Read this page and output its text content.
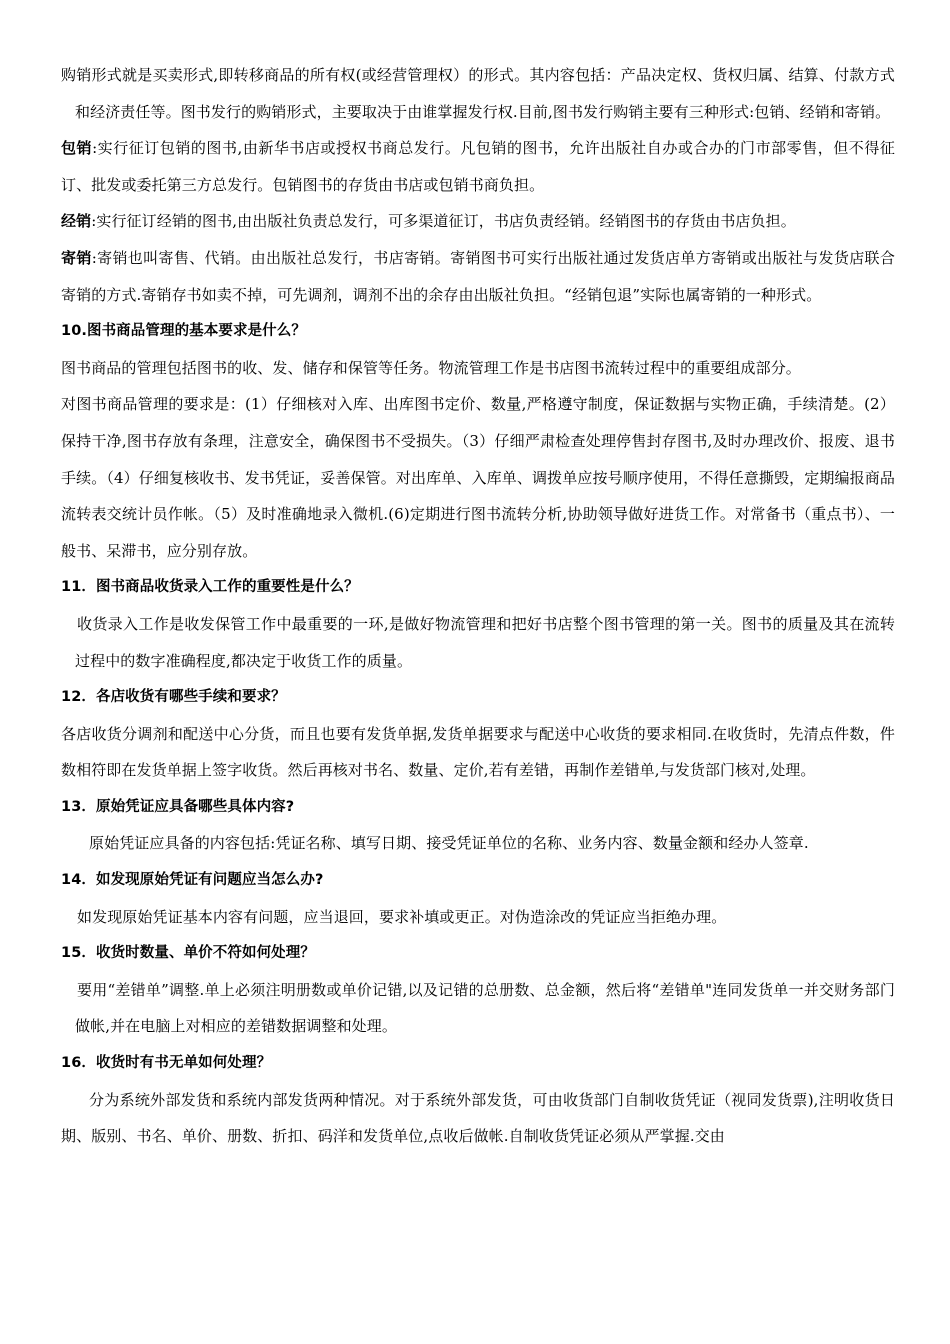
购销形式就是买卖形式,即转移商品的所有权(或经营管理权）的形式。其内容包括：产品决定权、货权归属、结算、付款方式和经济责任等。图书发行的购销形式，主要取决于由谁掌握发行权.目前,图书发行购销主要有三种形式:包销、经销和寄销。

包销:实行征订包销的图书,由新华书店或授权书商总发行。凡包销的图书，允许出版社自办或合办的门市部零售，但不得征订、批发或委托第三方总发行。包销图书的存货由书店或包销书商负担。

经销:实行征订经销的图书,由出版社负责总发行，可多渠道征订，书店负责经销。经销图书的存货由书店负担。

寄销:寄销也叫寄售、代销。由出版社总发行，书店寄销。寄销图书可实行出版社通过发货店单方寄销或出版社与发货店联合寄销的方式.寄销存书如卖不掉，可先调剂，调剂不出的余存由出版社负担。“经销包退”实际也属寄销的一种形式。

10.图书商品管理的基本要求是什么？

图书商品的管理包括图书的收、发、储存和保管等任务。物流管理工作是书店图书流转过程中的重要组成部分。

对图书商品管理的要求是：(1）仔细核对入库、出库图书定价、数量,严格遵守制度，保证数据与实物正确，手续清楚。(2）保持干净,图书存放有条理，注意安全，确保图书不受损失。（3）仔细严肃检查处理停售封存图书,及时办理改价、报废、退书手续。（4）仔细复核收书、发书凭证，妥善保管。对出库单、入库单、调拨单应按号顺序使用，不得任意撕毁，定期编报商品流转表交统计员作帐。（5）及时准确地录入微机.(6)定期进行图书流转分析,协助领导做好进货工作。对常备书（重点书）、一般书、呆滞书，应分别存放。

11．图书商品收货录入工作的重要性是什么？

收货录入工作是收发保管工作中最重要的一环,是做好物流管理和把好书店整个图书管理的第一关。图书的质量及其在流转过程中的数字准确程度,都决定于收货工作的质量。

12．各店收货有哪些手续和要求？

各店收货分调剂和配送中心分货，而且也要有发货单据,发货单据要求与配送中心收货的要求相同.在收货时，先清点件数，件数相符即在发货单据上签字收货。然后再核对书名、数量、定价,若有差错，再制作差错单,与发货部门核对,处理。

13．原始凭证应具备哪些具体内容?

原始凭证应具备的内容包括:凭证名称、填写日期、接受凭证单位的名称、业务内容、数量金额和经办人签章.

14．如发现原始凭证有问题应当怎么办?

如发现原始凭证基本内容有问题，应当退回，要求补填或更正。对伪造涂改的凭证应当拒绝办理。

15．收货时数量、单价不符如何处理？

要用“差错单”调整.单上必须注明册数或单价记错,以及记错的总册数、总金额，然后将“差错单"连同发货单一并交财务部门做帐,并在电脑上对相应的差错数据调整和处理。

16．收货时有书无单如何处理？

分为系统外部发货和系统内部发货两种情况。对于系统外部发货，可由收货部门自制收货凭证（视同发货票),注明收货日期、版别、书名、单价、册数、折扣、码洋和发货单位,点收后做帐.自制收货凭证必须从严掌握.交由
